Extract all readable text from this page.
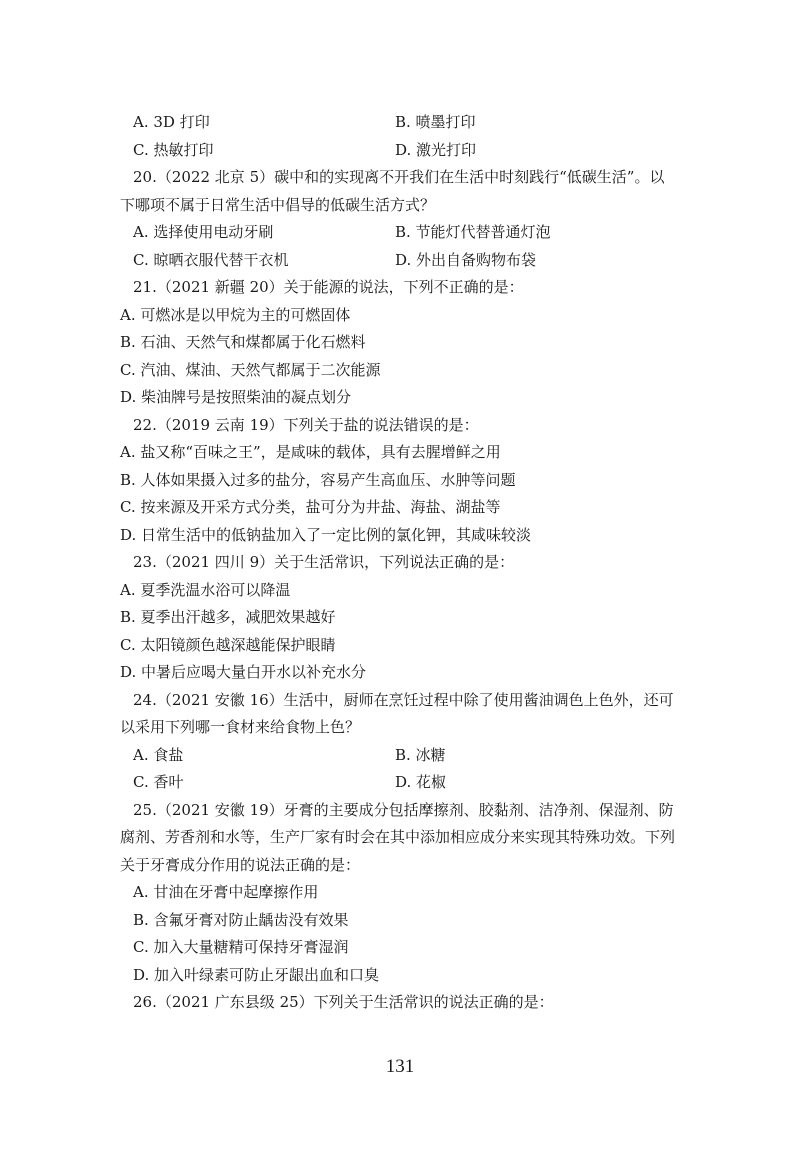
A. 3D 打印	B. 喷墨打印
C. 热敏打印	D. 激光打印
20.（2022 北京 5）碳中和的实现离不开我们在生活中时刻践行“低碳生活”。以
下哪项不属于日常生活中倡导的低碳生活方式？
A. 选择使用电动牙刷	B. 节能灯代替普通灯泡
C. 晾晒衣服代替干衣机	D. 外出自备购物布袋
21.（2021 新疆 20）关于能源的说法，下列不正确的是：
A. 可燃冰是以甲烷为主的可燃固体
B. 石油、天然气和煤都属于化石燃料
C. 汽油、煤油、天然气都属于二次能源
D. 柴油牌号是按照柴油的凝点划分
22.（2019 云南 19）下列关于盐的说法错误的是：
A. 盐又称“百味之王”，是咸味的载体，具有去腥增鲜之用
B. 人体如果摄入过多的盐分，容易产生高血压、水肿等问题
C. 按来源及开采方式分类，盐可分为井盐、海盐、湖盐等
D. 日常生活中的低钠盐加入了一定比例的氯化钾，其咸味较淡
23.（2021 四川 9）关于生活常识，下列说法正确的是：
A. 夏季洗温水浴可以降温
B. 夏季出汗越多，减肥效果越好
C. 太阳镜颜色越深越能保护眼睛
D. 中暑后应喝大量白开水以补充水分
24.（2021 安徽 16）生活中，厨师在烹饪过程中除了使用酱油调色上色外，还可
以采用下列哪一食材来给食物上色？
A. 食盐	B. 冰糖
C. 香叶	D. 花椒
25.（2021 安徽 19）牙膏的主要成分包括摩擦剂、胶黏剂、洁净剂、保湿剂、防
腐剂、芳香剂和水等，生产厂家有时会在其中添加相应成分来实现其特殊功效。下列
关于牙膏成分作用的说法正确的是：
A. 甘油在牙膏中起摩擦作用
B. 含氟牙膏对防止龋齿没有效果
C. 加入大量糖精可保持牙膏湿润
D. 加入叶绿素可防止牙龈出血和口臭
26.（2021 广东县级 25）下列关于生活常识的说法正确的是：
131
